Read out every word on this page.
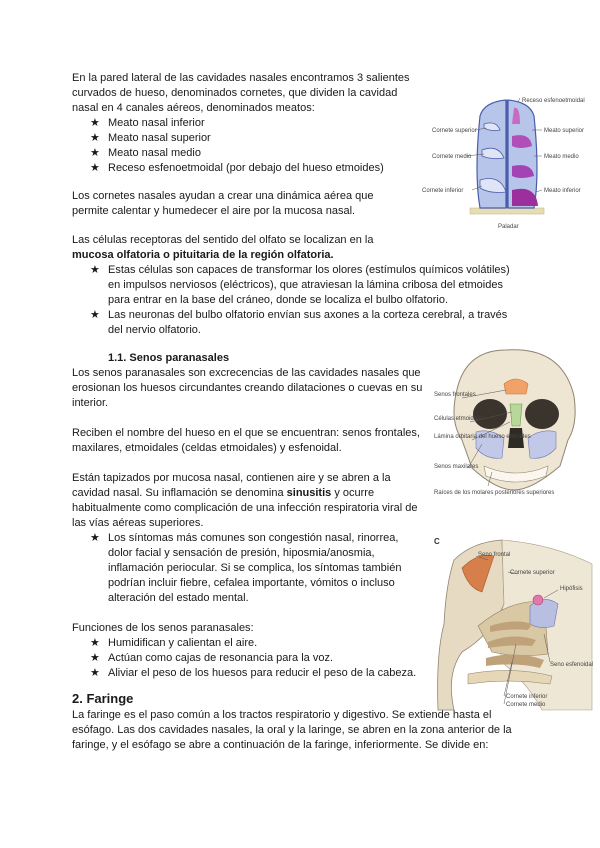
En la pared lateral de las cavidades nasales encontramos 3 salientes curvados de hueso, denominados cornetes, que dividen la cavidad nasal en 4 canales aéreos, denominados meatos:

★ Meato nasal inferior
★ Meato nasal superior
★ Meato nasal medio
★ Receso esfenoetmoidal (por debajo del hueso etmoides)

Los cornetes nasales ayudan a crear una dinámica aérea que permite calentar y humedecer el aire por la mucosa nasal.

Las células receptoras del sentido del olfato se localizan en la mucosa olfatoria o pituitaria de la región olfatoria.

★ Estas células son capaces de transformar los olores (estímulos químicos volátiles) en impulsos nerviosos (eléctricos), que atraviesan la lámina cribosa del etmoides para entrar en la base del cráneo, donde se localiza el bulbo olfatorio.
★ Las neuronas del bulbo olfatorio envían sus axones a la corteza cerebral, a través del nervio olfatorio.
1.1. Senos paranasales

Los senos paranasales son excrecencias de las cavidades nasales que erosionan los huesos circundantes creando dilataciones o cuevas en su interior.

Reciben el nombre del hueso en el que se encuentran: senos frontales, maxilares, etmoidales (celdas etmoidales) y esfenoidal.

Están tapizados por mucosa nasal, contienen aire y se abren a la cavidad nasal. Su inflamación se denomina sinusitis y ocurre habitualmente como complicación de una infección respiratoria viral de las vías aéreas superiores.

★ Los síntomas más comunes son congestión nasal, rinorrea, dolor facial y sensación de presión, hiposmia/anosmia, inflamación periocular. Si se complica, los síntomas también podrían incluir fiebre, cefalea importante, vómitos o incluso alteración del estado mental.

Funciones de los senos paranasales:

★ Humidifican y calientan el aire.
★ Actúan como cajas de resonancia para la voz.
★ Aliviar el peso de los huesos para reducir el peso de la cabeza.
2. Faringe

La faringe es el paso común a los tractos respiratorio y digestivo. Se extiende hasta el esófago. Las dos cavidades nasales, la oral y la laringe, se abren en la zona anterior de la faringe, y el esófago se abre a continuación de la faringe, inferiormente. Se divide en:

Receso esfenoetmoidal
Cornete superior	Meato superior
Cornete medio	Meato medio
Cornete inferior	Meato inferior
Paladar
Senos frontales
Células etmoidales
Lámina orbitaria del hueso etmoides
Senos maxilares
Raíces de los molares posteriores superiores
C
Seno frontal
Cornete superior
Hipófisis
Seno esfenoidal
Cornete inferior
Cornete medio
